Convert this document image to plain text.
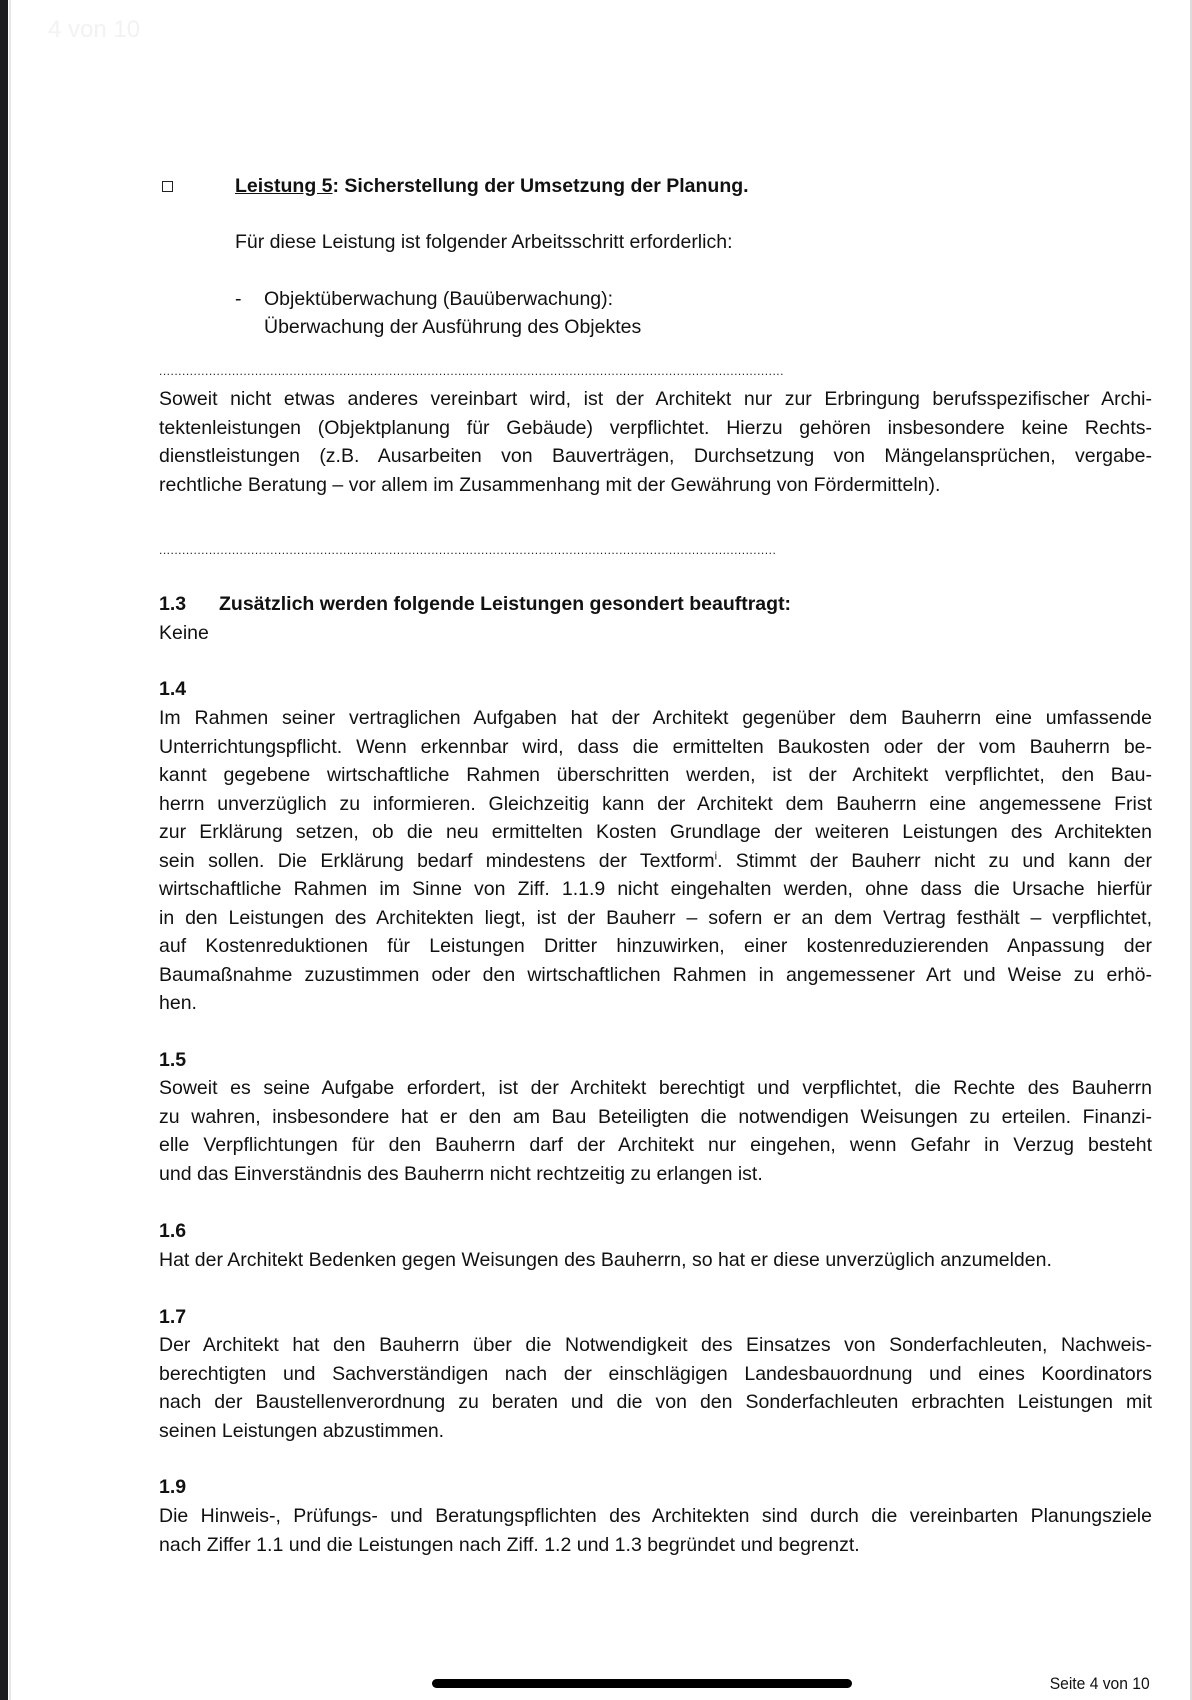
Leistung 5: Sicherstellung der Umsetzung der Planung.
Für diese Leistung ist folgender Arbeitsschritt erforderlich:
- Objektüberwachung (Bauüberwachung):
Überwachung der Ausführung des Objektes
...................................................................................................................................................................
Soweit nicht etwas anderes vereinbart wird, ist der Architekt nur zur Erbringung berufsspezifischer Archi-
tektenleistungen (Objektplanung für Gebäude) verpflichtet. Hierzu gehören insbesondere keine Rechts-
dienstleistungen (z.B. Ausarbeiten von Bauverträgen, Durchsetzung von Mängelansprüchen, vergabe-
rechtliche Beratung – vor allem im Zusammenhang mit der Gewährung von Fördermitteln).
.................................................................................................................................................................
1.3 Zusätzlich werden folgende Leistungen gesondert beauftragt:
Keine
1.4
Im Rahmen seiner vertraglichen Aufgaben hat der Architekt gegenüber dem Bauherrn eine umfassende
Unterrichtungspflicht. Wenn erkennbar wird, dass die ermittelten Baukosten oder der vom Bauherrn be-
kannt gegebene wirtschaftliche Rahmen überschritten werden, ist der Architekt verpflichtet, den Bau-
herrn unverzüglich zu informieren. Gleichzeitig kann der Architekt dem Bauherrn eine angemessene Frist
zur Erklärung setzen, ob die neu ermittelten Kosten Grundlage der weiteren Leistungen des Architekten
sein sollen. Die Erklärung bedarf mindestens der Textform$^i$. Stimmt der Bauherr nicht zu und kann der
wirtschaftliche Rahmen im Sinne von Ziff. 1.1.9 nicht eingehalten werden, ohne dass die Ursache hierfür
in den Leistungen des Architekten liegt, ist der Bauherr – sofern er an dem Vertrag festhält – verpflichtet,
auf Kostenreduktionen für Leistungen Dritter hinzuwirken, einer kostenreduzierenden Anpassung der
Baumaßnahme zuzustimmen oder den wirtschaftlichen Rahmen in angemessener Art und Weise zu erhö-
hen.
1.5
Soweit es seine Aufgabe erfordert, ist der Architekt berechtigt und verpflichtet, die Rechte des Bauherrn
zu wahren, insbesondere hat er den am Bau Beteiligten die notwendigen Weisungen zu erteilen. Finanzi-
elle Verpflichtungen für den Bauherrn darf der Architekt nur eingehen, wenn Gefahr in Verzug besteht
und das Einverständnis des Bauherrn nicht rechtzeitig zu erlangen ist.
1.6
Hat der Architekt Bedenken gegen Weisungen des Bauherrn, so hat er diese unverzüglich anzumelden.
1.7
Der Architekt hat den Bauherrn über die Notwendigkeit des Einsatzes von Sonderfachleuten, Nachweis-
berechtigten und Sachverständigen nach der einschlägigen Landesbauordnung und eines Koordinators
nach der Baustellenverordnung zu beraten und die von den Sonderfachleuten erbrachten Leistungen mit
seinen Leistungen abzustimmen.
1.9
Die Hinweis-, Prüfungs- und Beratungspflichten des Architekten sind durch die vereinbarten Planungsziele
nach Ziffer 1.1 und die Leistungen nach Ziff. 1.2 und 1.3 begründet und begrenzt.
Seite 4 von 10
4 von 10
